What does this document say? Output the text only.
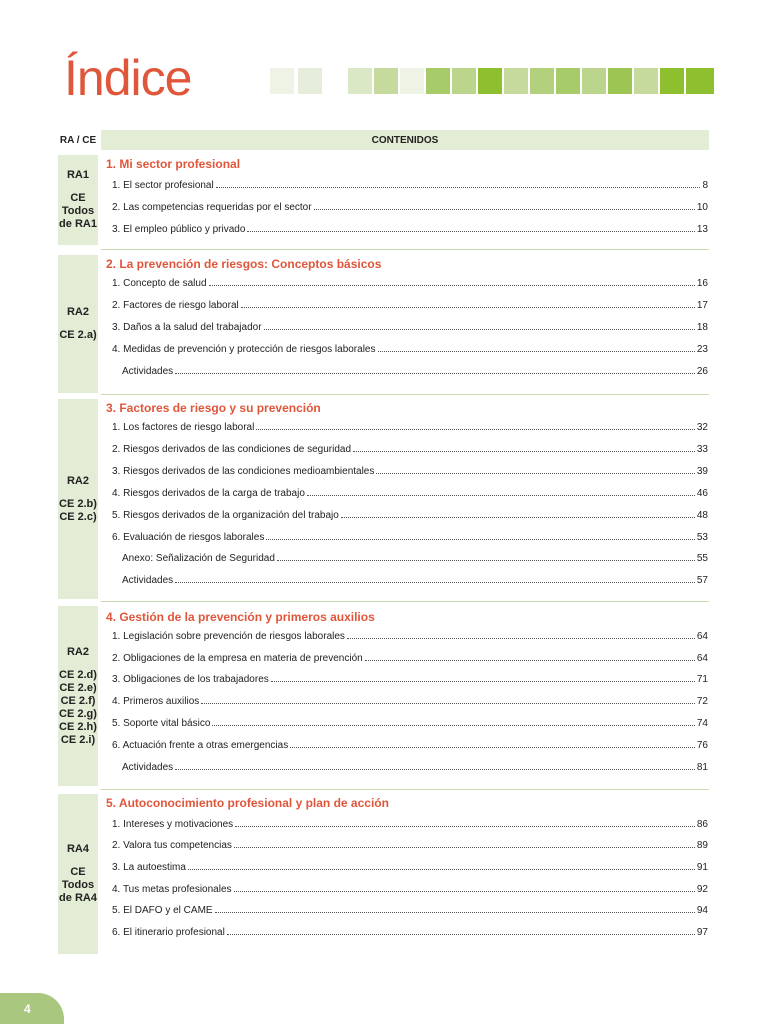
Índice
RA / CE	CONTENIDOS
RA1
CE
Todos
de RA1
1. Mi sector profesional
1. El sector profesional	8
2. Las competencias requeridas por el sector	10
3. El empleo público y privado	13
RA2
CE 2.a)
2. La prevención de riesgos: Conceptos básicos
1. Concepto de salud	16
2. Factores de riesgo laboral	17
3. Daños a la salud del trabajador	18
4. Medidas de prevención y protección de riesgos laborales	23
Actividades	26
RA2
CE 2.b)
CE 2.c)
3. Factores de riesgo y su prevención
1. Los factores de riesgo laboral	32
2. Riesgos derivados de las condiciones de seguridad	33
3. Riesgos derivados de las condiciones medioambientales	39
4. Riesgos derivados de la carga de trabajo	46
5. Riesgos derivados de la organización del trabajo	48
6. Evaluación de riesgos laborales	53
Anexo: Señalización de Seguridad	55
Actividades	57
RA2
CE 2.d)
CE 2.e)
CE 2.f)
CE 2.g)
CE 2.h)
CE 2.i)
4. Gestión de la prevención y primeros auxilios
1. Legislación sobre prevención de riesgos laborales	64
2. Obligaciones de la empresa en materia de prevención	64
3. Obligaciones de los trabajadores	71
4. Primeros auxilios	72
5. Soporte vital básico	74
6. Actuación frente a otras emergencias	76
Actividades	81
RA4
CE
Todos
de RA4
5. Autoconocimiento profesional y plan de acción
1. Intereses y motivaciones	86
2. Valora tus competencias	89
3. La autoestima	91
4. Tus metas profesionales	92
5. El DAFO y el CAME	94
6. El itinerario profesional	97
4
